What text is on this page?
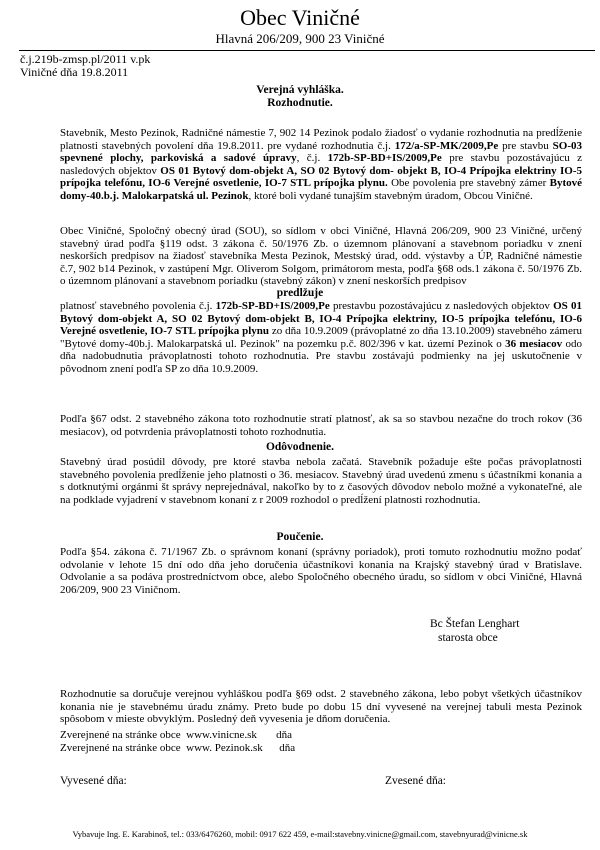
Obec Viničné
Hlavná 206/209, 900 23 Viničné
č.j.219b-zmsp.pl/2011 v.pk
Viničné dňa 19.8.2011
Verejná vyhláška.
Rozhodnutie.
Stavebník, Mesto Pezinok, Radničné námestie 7, 902 14 Pezinok podalo žiadosť o vydanie rozhodnutia na predĺženie platnosti stavebných povolení dňa 19.8.2011. pre vydané rozhodnutia č.j. 172/a-SP-MK/2009,Pe pre stavbu SO-03 spevnené plochy, parkoviská a sadové úpravy, č.j. 172b-SP-BD+IS/2009,Pe pre stavbu pozostávajúcu z nasledových objektov OS 01 Bytový dom-objekt A, SO 02 Bytový dom- objekt B, IO-4 Prípojka elektriny IO-5 prípojka telefónu, IO-6 Verejné osvetlenie, IO-7 STL prípojka plynu. Obe povolenia pre stavebný zámer Bytové domy-40.b.j. Malokarpatská ul. Pezinok, ktoré boli vydané tunajším stavebným úradom, Obcou Viničné.
Obec Viničné, Spoločný obecný úrad (SOU), so sídlom v obci Viničné, Hlavná 206/209, 900 23 Viničné, určený stavebný úrad podľa §119 odst. 3 zákona č. 50/1976 Zb. o územnom plánovaní a stavebnom poriadku v znení neskorších predpisov na žiadosť stavebníka Mesta Pezinok, Mestský úrad, odd. výstavby a ÚP, Radničné námestie č.7, 902 b14 Pezinok, v zastúpení Mgr. Oliverom Solgom, primátorom mesta, podľa §68 ods.1 zákona č. 50/1976 Zb. o územnom plánovaní a stavebnom poriadku (stavebný zákon) v znení neskorších predpisov
predlžuje
platnosť stavebného povolenia č.j. 172b-SP-BD+IS/2009,Pe prestavbu pozostávajúcu z nasledových objektov OS 01 Bytový dom-objekt A, SO 02 Bytový dom-objekt B, IO-4 Prípojka elektriny, IO-5 prípojka telefónu, IO-6 Verejné osvetlenie, IO-7 STL prípojka plynu zo dňa 10.9.2009 (právoplatné zo dňa 13.10.2009) stavebného zámeru "Bytové domy-40b.j. Malokarpatská ul. Pezinok" na pozemku p.č. 802/396 v kat. území Pezinok o 36 mesiacov odo dňa nadobudnutia právoplatnosti tohoto rozhodnutia. Pre stavbu zostávajú podmienky na jej uskutočnenie v pôvodnom znení podľa SP zo dňa 10.9.2009.
Podľa §67 odst. 2 stavebného zákona toto rozhodnutie stratí platnosť, ak sa so stavbou nezačne do troch rokov (36 mesiacov), od potvrdenia právoplatnosti tohoto rozhodnutia.
Odôvodnenie.
Stavebný úrad posúdil dôvody, pre ktoré stavba nebola začatá. Stavebník požaduje ešte počas právoplatnosti stavebného povolenia predĺženie jeho platnosti o 36. mesiacov. Stavebný úrad uvedenú zmenu s účastníkmi konania a s dotknutými orgánmi št správy neprejednával, nakoľko by to z časových dôvodov nebolo možné a vykonateľné, ale na podklade vyjadrení v stavebnom konaní z r 2009 rozhodol o predĺžení platnosti rozhodnutia.
Poučenie.
Podľa §54. zákona č. 71/1967 Zb. o správnom konaní (správny poriadok), proti tomuto rozhodnutiu možno podať odvolanie v lehote 15 dní odo dňa jeho doručenia účastníkovi konania na Krajský stavebný úrad v Bratislave. Odvolanie a sa podáva prostredníctvom obce, alebo Spoločného obecného úradu, so sídlom v obci Viničné, Hlavná 206/209, 900 23 Viničnom.
Bc Štefan Lenghart
starosta obce
Rozhodnutie sa doručuje verejnou vyhláškou podľa §69 odst. 2 stavebného zákona, lebo pobyt všetkých účastníkov konania nie je stavebnému úradu známy. Preto bude po dobu 15 dní vyvesené na verejnej tabuli mesta Pezinok spôsobom v mieste obvyklým. Posledný deň vyvesenia je dňom doručenia.
Zverejnené na stránke obce www.vinicne.sk dňa
Zverejnené na stránke obce www. Pezinok.sk dňa
Vyvesené dňa:	Zvesené dňa:
Vybavuje Ing. E. Karabinoš, tel.: 033/6476260, mobil: 0917 622 459, e-mail:stavebny.vinicne@gmail.com, stavebnyurad@vinicne.sk
